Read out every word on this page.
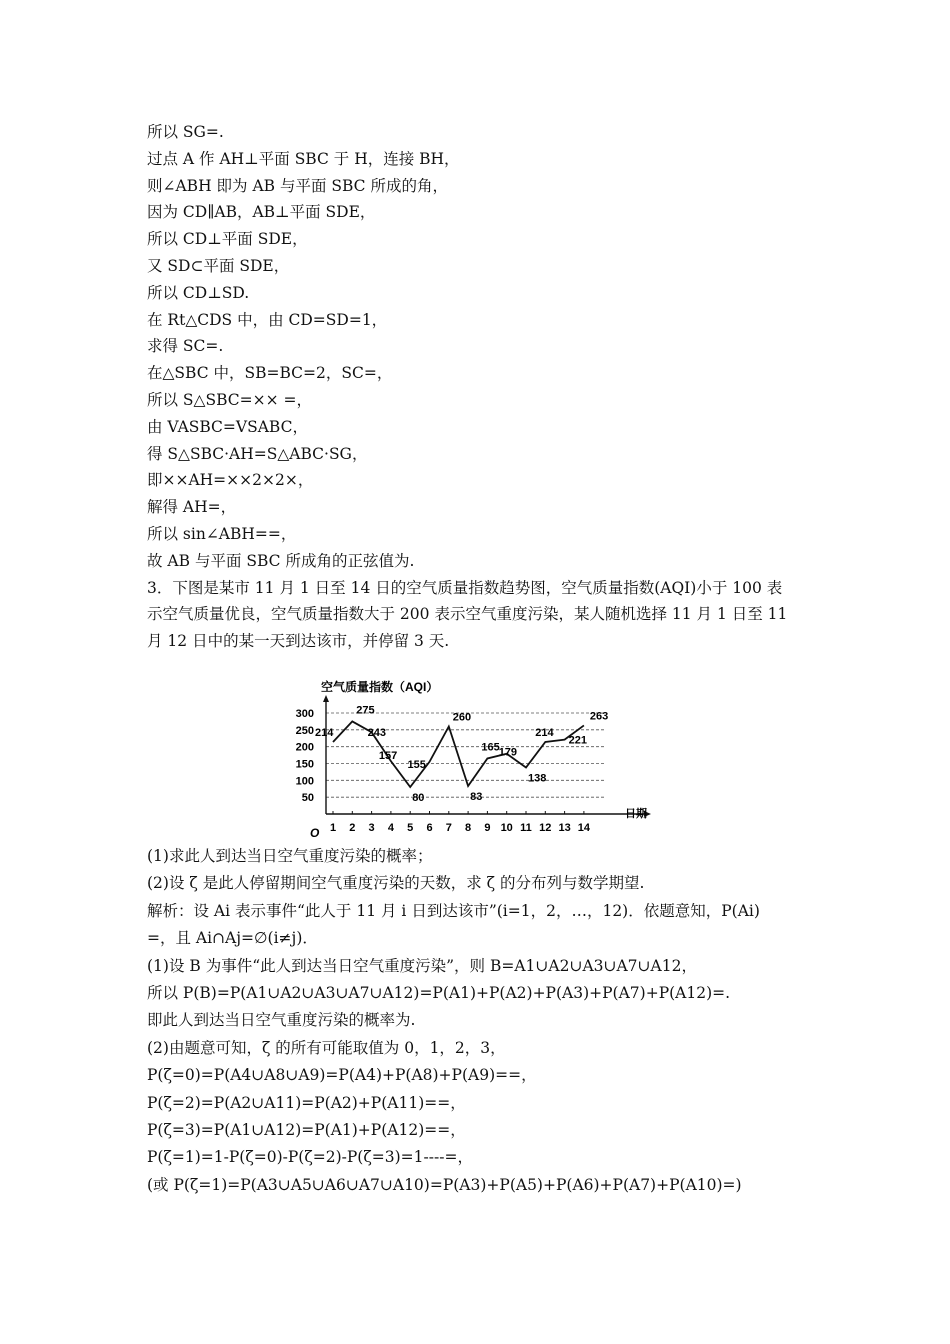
所以 SG=.
过点 A 作 AH⊥平面 SBC 于 H，连接 BH，
则∠ABH 即为 AB 与平面 SBC 所成的角，
因为 CD∥AB，AB⊥平面 SDE，
所以 CD⊥平面 SDE，
又 SD⊂平面 SDE，
所以 CD⊥SD.
在 Rt△CDS 中，由 CD=SD=1，
求得 SC=.
在△SBC 中，SB=BC=2，SC=，
所以 S△SBC=×× =，
由 VASBC=VSABC，
得 S△SBC·AH=S△ABC·SG，
即××AH=××2×2×，
解得 AH=，
所以 sin∠ABH==，
故 AB 与平面 SBC 所成角的正弦值为.
3．下图是某市 11 月 1 日至 14 日的空气质量指数趋势图，空气质量指数(AQI)小于 100 表
示空气质量优良，空气质量指数大于 200 表示空气重度污染，某人随机选择 11 月 1 日至 11
月 12 日中的某一天到达该市，并停留 3 天.
空气质量指数（AQI）
50
100
150
200
250
300
1 2 3 4 5 6 7 8 9 10 11 12 13 14
214
275
243
157
80
155
260
83
165
179
138
214
221
263
日期
O
(1)求此人到达当日空气重度污染的概率；
(2)设 ζ 是此人停留期间空气重度污染的天数，求 ζ 的分布列与数学期望.
解析：设 Ai 表示事件“此人于 11 月 i 日到达该市”(i=1，2，…，12)．依题意知，P(Ai)
=，且 Ai∩Aj=∅(i≠j)．
(1)设 B 为事件“此人到达当日空气重度污染”，则 B=A1∪A2∪A3∪A7∪A12，
所以 P(B)=P(A1∪A2∪A3∪A7∪A12)=P(A1)+P(A2)+P(A3)+P(A7)+P(A12)=.
即此人到达当日空气重度污染的概率为.
(2)由题意可知，ζ 的所有可能取值为 0，1，2，3，
P(ζ=0)=P(A4∪A8∪A9)=P(A4)+P(A8)+P(A9)==，
P(ζ=2)=P(A2∪A11)=P(A2)+P(A11)==，
P(ζ=3)=P(A1∪A12)=P(A1)+P(A12)==，
P(ζ=1)=1-P(ζ=0)-P(ζ=2)-P(ζ=3)=1----=，
(或 P(ζ=1)=P(A3∪A5∪A6∪A7∪A10)=P(A3)+P(A5)+P(A6)+P(A7)+P(A10)=)
